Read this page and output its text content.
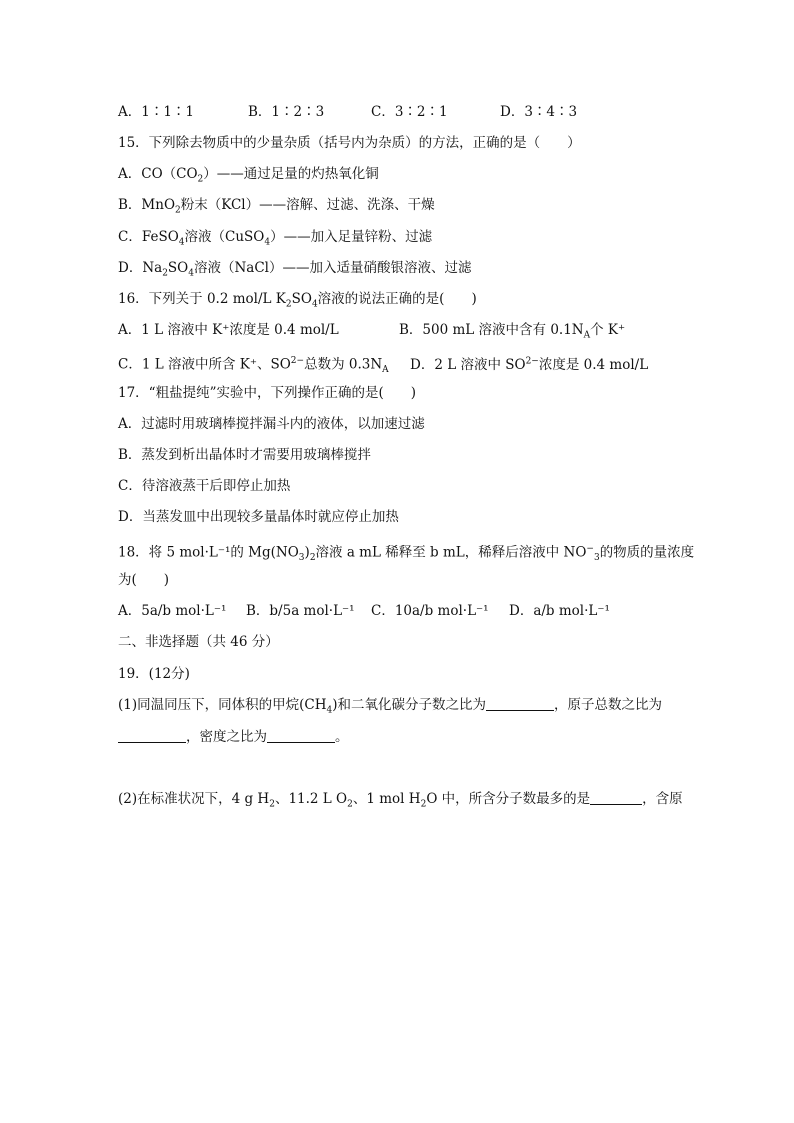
A．1∶1∶1	B．1∶2∶3	C．3∶2∶1	D．3∶4∶3
15．下列除去物质中的少量杂质（括号内为杂质）的方法，正确的是（　　）
A．$CO(CO_2)——$通过足量的灼热氧化铜
B．MnO$_2$粉末（KCl）——溶解、过滤、洗涤、干燥
C．FeSO$_4$溶液（CuSO$_4$）——加入足量锌粉、过滤
D．$Na_2SO_4$溶液（NaCl）——加入适量硝酸银溶液、过滤
16．下列关于 0.2 mol/L $K_2SO_4$溶液的说法正确的是(　　)
A．1 L 溶液中 K⁺浓度是 0.4 mol/L	B．500 mL 溶液中含有 $0.1N_A$个 K⁺
C．1 L 溶液中所含 K⁺、$SO^{2-}$总数为 $0.3N_A$ D．2 L 溶液中 $SO^{2-}$浓度是 0.4 mol/L
17．“粗盐提纯”实验中，下列操作正确的是(　　)
A．过滤时用玻璃棒搅拌漏斗内的液体，以加速过滤
B．蒸发到析出晶体时才需要用玻璃棒搅拌
C．待溶液蒸干后即停止加热
D．当蒸发皿中出现较多量晶体时就应停止加热
18．将 5 mol·L⁻¹的 $Mg(NO_3)_2$溶液 a mL 稀释至 b mL，稀释后溶液中 $NO^-_3$的物质的量浓度
为(　　)
A．5a/b mol·L⁻¹ B．b/5a mol·L⁻¹ C．10a/b mol·L⁻¹ D．a/b mol·L⁻¹
二、非选择题（共 46 分）
19．(12分)
(1)同温同压下，同体积的甲烷$(CH_4)$和二氧化碳分子数之比为	，原子总数之比为
，密度之比为	。
(2)在标准状况下，4 g $H_2$、11.2 L $O_2$、1 mol $H_2O$ 中，所含分子数最多的是	，含原
